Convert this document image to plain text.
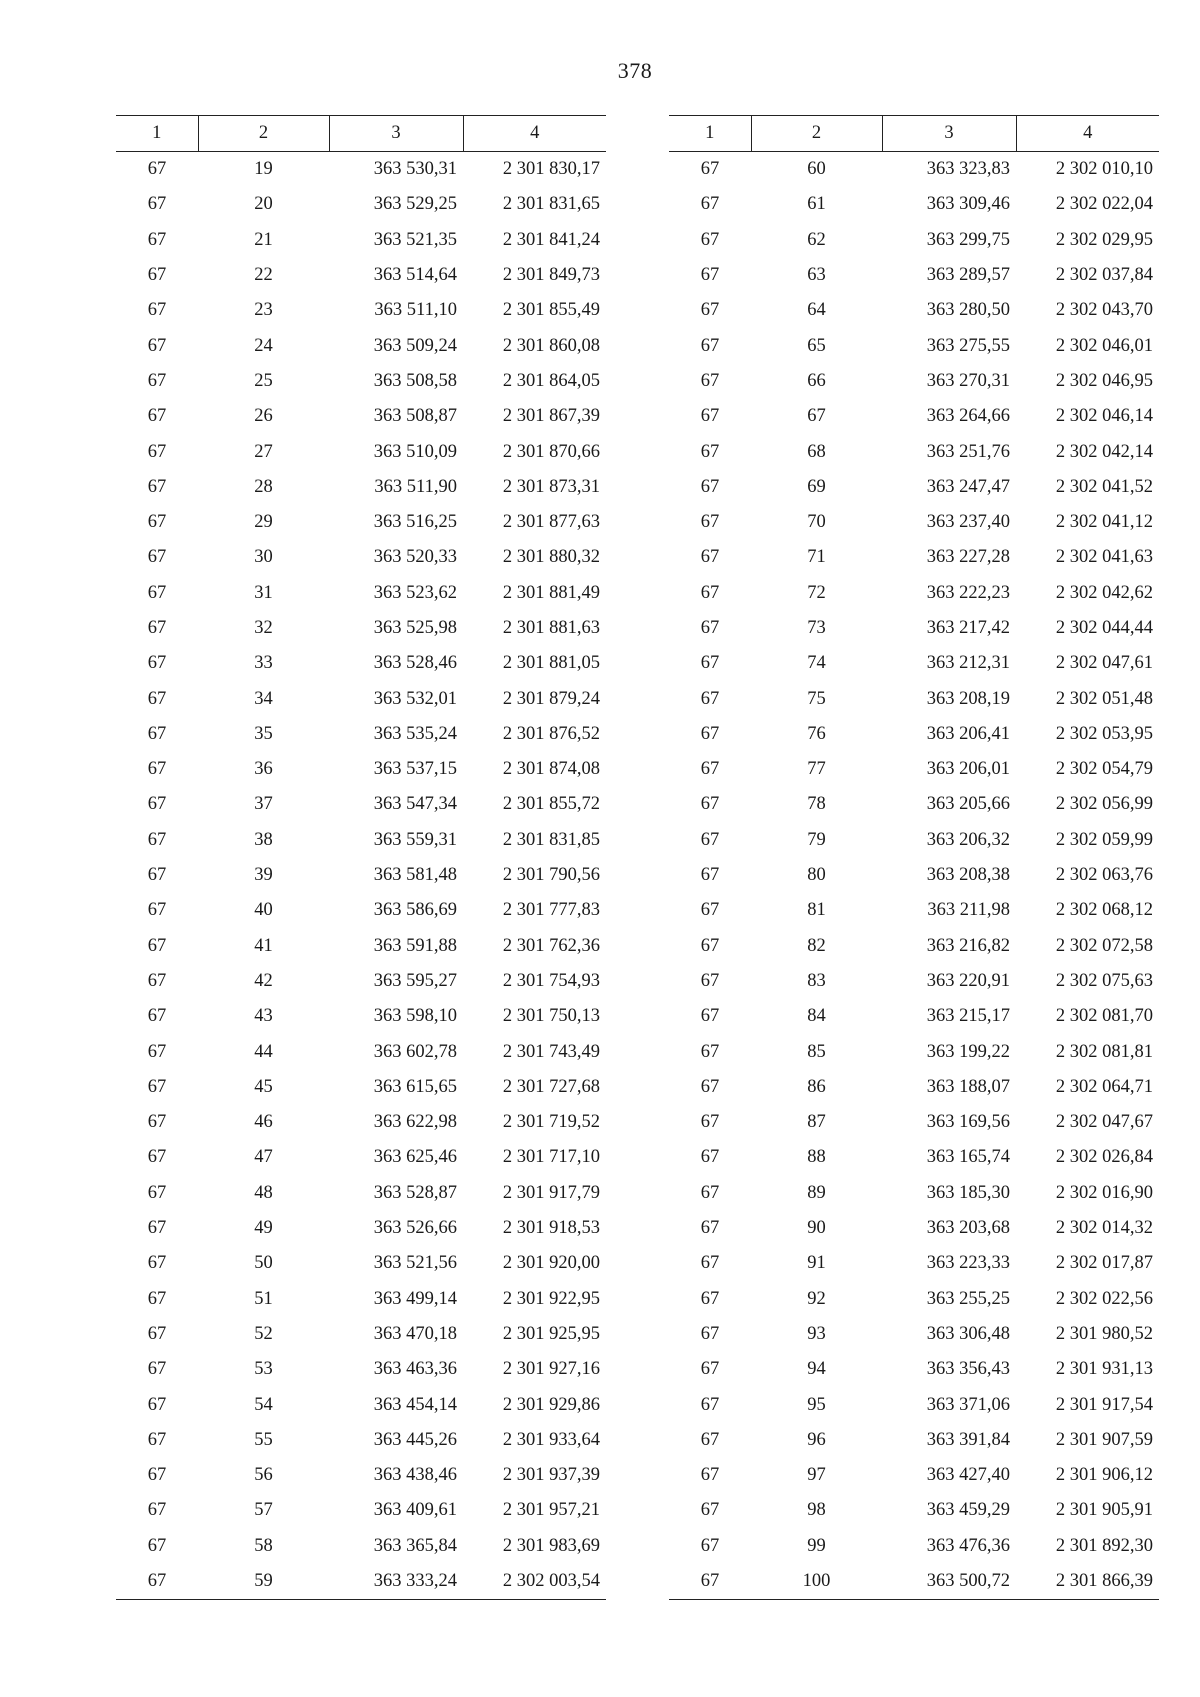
378
1	2	3	4
67	19	363 530,31	2 301 830,17
67	20	363 529,25	2 301 831,65
67	21	363 521,35	2 301 841,24
67	22	363 514,64	2 301 849,73
67	23	363 511,10	2 301 855,49
67	24	363 509,24	2 301 860,08
67	25	363 508,58	2 301 864,05
67	26	363 508,87	2 301 867,39
67	27	363 510,09	2 301 870,66
67	28	363 511,90	2 301 873,31
67	29	363 516,25	2 301 877,63
67	30	363 520,33	2 301 880,32
67	31	363 523,62	2 301 881,49
67	32	363 525,98	2 301 881,63
67	33	363 528,46	2 301 881,05
67	34	363 532,01	2 301 879,24
67	35	363 535,24	2 301 876,52
67	36	363 537,15	2 301 874,08
67	37	363 547,34	2 301 855,72
67	38	363 559,31	2 301 831,85
67	39	363 581,48	2 301 790,56
67	40	363 586,69	2 301 777,83
67	41	363 591,88	2 301 762,36
67	42	363 595,27	2 301 754,93
67	43	363 598,10	2 301 750,13
67	44	363 602,78	2 301 743,49
67	45	363 615,65	2 301 727,68
67	46	363 622,98	2 301 719,52
67	47	363 625,46	2 301 717,10
67	48	363 528,87	2 301 917,79
67	49	363 526,66	2 301 918,53
67	50	363 521,56	2 301 920,00
67	51	363 499,14	2 301 922,95
67	52	363 470,18	2 301 925,95
67	53	363 463,36	2 301 927,16
67	54	363 454,14	2 301 929,86
67	55	363 445,26	2 301 933,64
67	56	363 438,46	2 301 937,39
67	57	363 409,61	2 301 957,21
67	58	363 365,84	2 301 983,69
67	59	363 333,24	2 302 003,54
1	2	3	4
67	60	363 323,83	2 302 010,10
67	61	363 309,46	2 302 022,04
67	62	363 299,75	2 302 029,95
67	63	363 289,57	2 302 037,84
67	64	363 280,50	2 302 043,70
67	65	363 275,55	2 302 046,01
67	66	363 270,31	2 302 046,95
67	67	363 264,66	2 302 046,14
67	68	363 251,76	2 302 042,14
67	69	363 247,47	2 302 041,52
67	70	363 237,40	2 302 041,12
67	71	363 227,28	2 302 041,63
67	72	363 222,23	2 302 042,62
67	73	363 217,42	2 302 044,44
67	74	363 212,31	2 302 047,61
67	75	363 208,19	2 302 051,48
67	76	363 206,41	2 302 053,95
67	77	363 206,01	2 302 054,79
67	78	363 205,66	2 302 056,99
67	79	363 206,32	2 302 059,99
67	80	363 208,38	2 302 063,76
67	81	363 211,98	2 302 068,12
67	82	363 216,82	2 302 072,58
67	83	363 220,91	2 302 075,63
67	84	363 215,17	2 302 081,70
67	85	363 199,22	2 302 081,81
67	86	363 188,07	2 302 064,71
67	87	363 169,56	2 302 047,67
67	88	363 165,74	2 302 026,84
67	89	363 185,30	2 302 016,90
67	90	363 203,68	2 302 014,32
67	91	363 223,33	2 302 017,87
67	92	363 255,25	2 302 022,56
67	93	363 306,48	2 301 980,52
67	94	363 356,43	2 301 931,13
67	95	363 371,06	2 301 917,54
67	96	363 391,84	2 301 907,59
67	97	363 427,40	2 301 906,12
67	98	363 459,29	2 301 905,91
67	99	363 476,36	2 301 892,30
67	100	363 500,72	2 301 866,39
